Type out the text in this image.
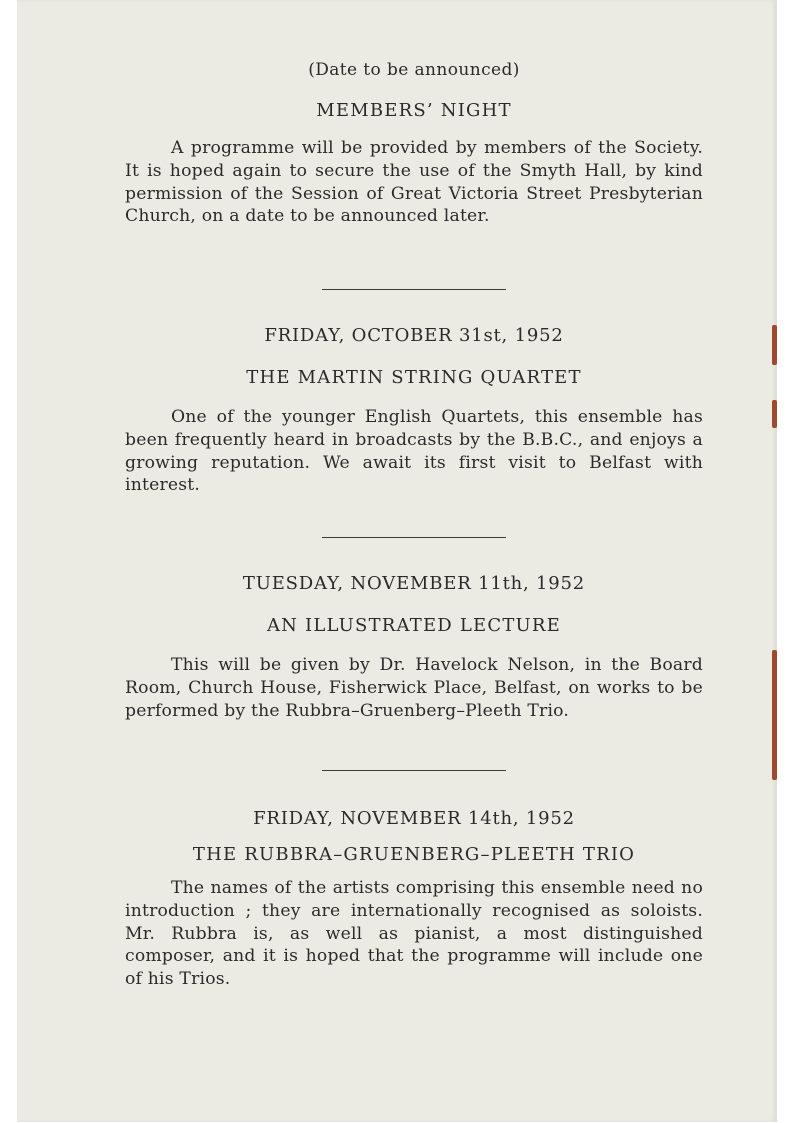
(Date to be announced)

MEMBERS’ NIGHT

A programme will be provided by members of the Society. It is hoped again to secure the use of the Smyth Hall, by kind permission of the Session of Great Victoria Street Presbyterian Church, on a date to be announced later.

FRIDAY, OCTOBER 31st, 1952

THE MARTIN STRING QUARTET

One of the younger English Quartets, this ensemble has been frequently heard in broadcasts by the B.B.C., and enjoys a growing reputation. We await its first visit to Belfast with interest.

TUESDAY, NOVEMBER 11th, 1952

AN ILLUSTRATED LECTURE

This will be given by Dr. Havelock Nelson, in the Board Room, Church House, Fisherwick Place, Belfast, on works to be performed by the Rubbra–Gruenberg–Pleeth Trio.

FRIDAY, NOVEMBER 14th, 1952

THE RUBBRA–GRUENBERG–PLEETH TRIO

The names of the artists comprising this ensemble need no introduction ; they are internationally recognised as soloists. Mr. Rubbra is, as well as pianist, a most distinguished composer, and it is hoped that the programme will include one of his Trios.
